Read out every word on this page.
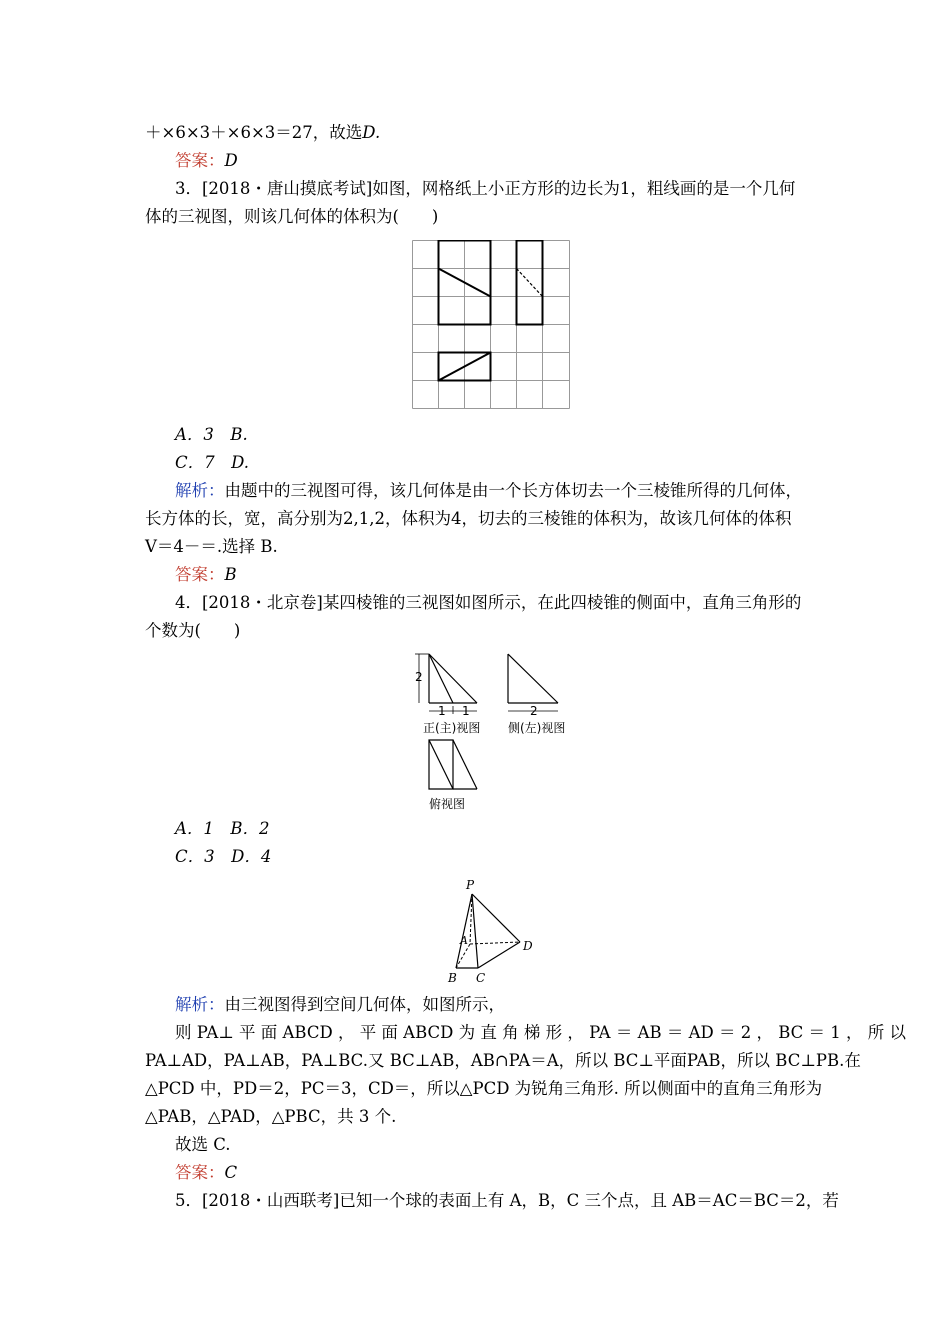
＋×6×3＋×6×3＝27，故选D.
答案：D
3．[2018・唐山摸底考试]如图，网格纸上小正方形的边长为1，粗线画的是一个几何
体的三视图，则该几何体的体积为(　　)
A．3　B.
C．7　D.
解析：由题中的三视图可得，该几何体是由一个长方体切去一个三棱锥所得的几何体，
长方体的长，宽，高分别为2,1,2，体积为4，切去的三棱锥的体积为，故该几何体的体积
V＝4－＝.选择 B.
答案：B
4．[2018・北京卷]某四棱锥的三视图如图所示，在此四棱锥的侧面中，直角三角形的
个数为(　　)
2
1 1
正(主)视图
2
侧(左)视图
俯视图
A．1　B．2
C．3　D．4
P
A
B C
D
解析：由三视图得到空间几何体，如图所示，
则 PA⊥ 平 面 ABCD ， 平 面 ABCD 为 直 角 梯 形 ， PA ＝ AB ＝ AD ＝ 2 ， BC ＝ 1 ， 所 以
PA⊥AD，PA⊥AB，PA⊥BC.又 BC⊥AB，AB∩PA＝A，所以 BC⊥平面PAB，所以 BC⊥PB.在
△PCD 中，PD＝2，PC＝3，CD＝，所以△PCD 为锐角三角形. 所以侧面中的直角三角形为
△PAB，△PAD，△PBC，共 3 个.
故选 C.
答案：C
5．[2018・山西联考]已知一个球的表面上有 A，B，C 三个点，且 AB＝AC＝BC＝2，若
